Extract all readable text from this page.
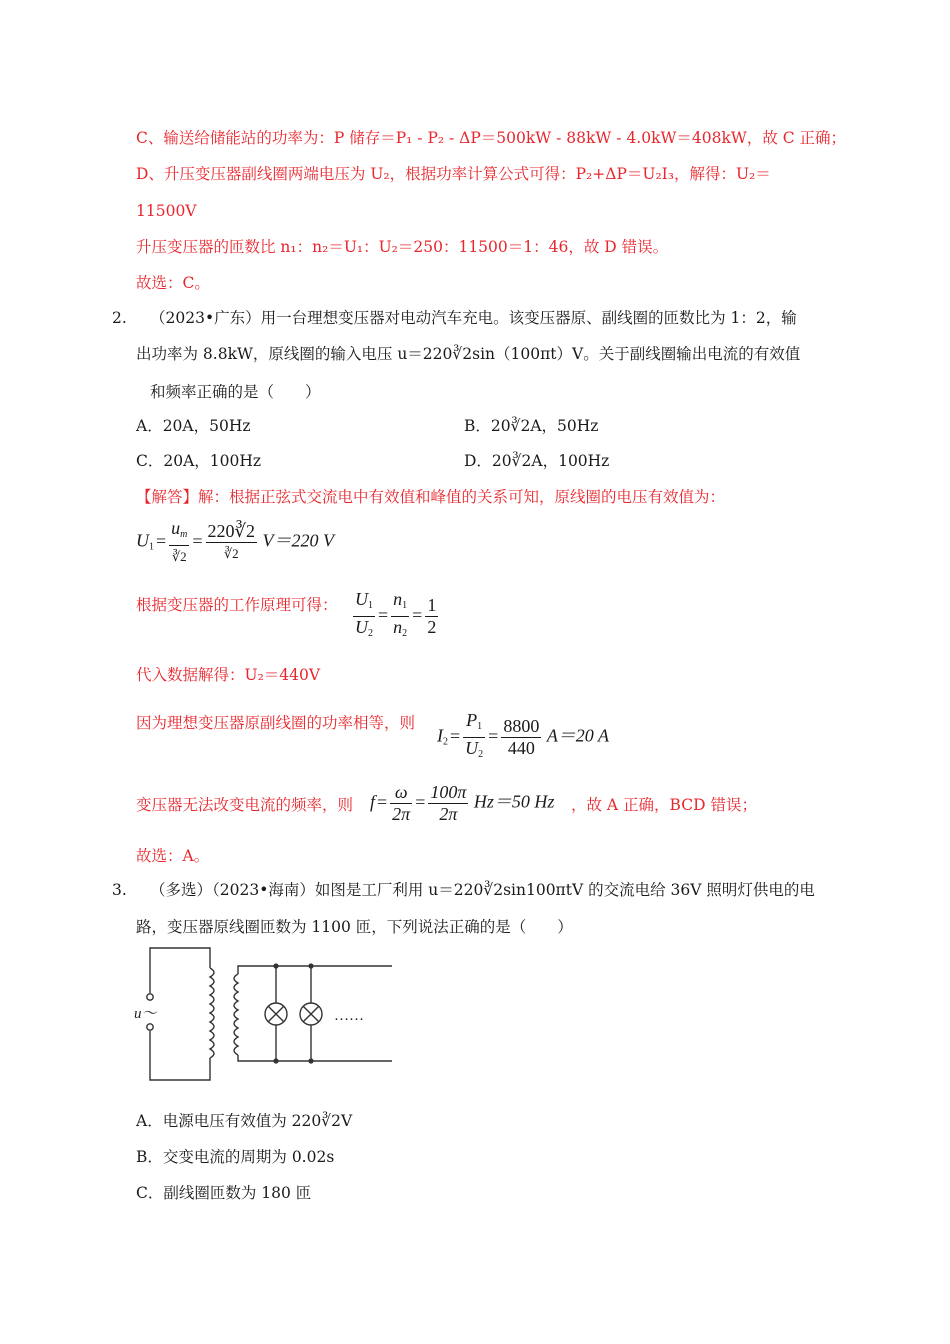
C、输送给储能站的功率为：P 储存＝P₁ - P₂ - ΔP＝500kW - 88kW - 4.0kW＝408kW，故 C 正确；
D、升压变压器副线圈两端电压为 U₂，根据功率计算公式可得：P₂+ΔP＝U₂I₃，解得：U₂＝
11500V
升压变压器的匝数比 n₁：n₂＝U₁：U₂＝250：11500＝1：46，故 D 错误。
故选：C。
2. （2023•广东）用一台理想变压器对电动汽车充电。该变压器原、副线圈的匝数比为 1：2，输
出功率为 8.8kW，原线圈的输入电压 u＝220∛2sin（100πt）V。关于副线圈输出电流的有效值
和频率正确的是（　　）
A．20A，50Hz	B．20∛2A，50Hz
C．20A，100Hz	D．20∛2A，100Hz
【解答】解：根据正弦式交流电中有效值和峰值的关系可知，原线圈的电压有效值为：
$U_1 = \frac{u_m}{∛2} = \frac{220∛2}{∛2} V=220$ V
根据变压器的工作原理可得： $\frac{U_1}{U_2} = \frac{n_1}{n_2} = \frac{1}{2}$
代入数据解得：U₂＝440V
因为理想变压器原副线圈的功率相等，则
$I_2 = \frac{P_1}{U_2} = \frac{8800}{440} A=20$ A
变压器无法改变电流的频率，则 $f = \frac{\omega}{2\pi} = \frac{100\pi}{2\pi} Hz=50$ Hz ，故 A 正确，BCD 错误；
故选：A。
3. （多选）（2023•海南）如图是工厂利用 u＝220∛2sin100πtV 的交流电给 36V 照明灯供电的电
路，变压器原线圈匝数为 1100 匝，下列说法正确的是（　　）
u～	……
A．电源电压有效值为 220∛2V
B．交变电流的周期为 0.02s
C．副线圈匝数为 180 匝
